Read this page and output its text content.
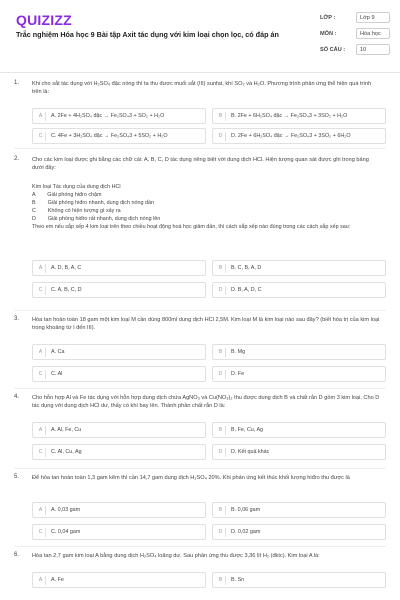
QUIZIZZ
Trắc nghiệm Hóa học 9 Bài tập Axit tác dụng với kim loại chọn lọc, có đáp án
LỚP :	Lớp 9
MÔN :	Hóa học
SỐ CÂU :	10
1. Khi cho sắt tác dụng với H₂SO₄ đặc nóng thì ta thu được muối sắt (III) sunfat, khí SO₂ và H₂O. Phương trình phản ứng thể hiện quá trình trên là:
A	A. 2Fe + 4H₂SO₄ đặc → Fe₂SO₄3 + SO₂ + H₂O	B	B. 2Fe + 6H₂SO₄ đặc → Fe₂SO₄3 + 3SO₂ + H₂O
C	C. 4Fe + 3H₂SO₄ đặc → Fe₂SO₄3 + 5SO₂ + H₂O	D	D. 2Fe + 6H₂SO₄ đặc → Fe₂SO₄3 + 3SO₂ + 6H₂O
2. Cho các kim loại được ghi bằng các chữ cái: A, B, C, D tác dụng riêng biệt với dung dịch HCl. Hiện tượng quan sát được ghi trong bảng dưới đây:
Kim loại Tác dụng của dung dịch HCl
A        Giải phóng hiđro chậm
B        Giải phóng hiđro nhanh, dung dịch nóng dần
C        Không có hiện tượng gì xảy ra
D        Giải phóng hiđro rất nhanh, dung dịch nóng lên
Theo em nếu sắp xếp 4 kim loại trên theo chiều hoạt động hoá học giảm dần, thì cách sắp xếp nào đúng trong các cách sắp xếp sau:
A	A. D, B, A, C	B	B. C, B, A, D
C	C. A, B, C, D	D	D. B, A, D, C
3. Hòa tan hoàn toàn 18 gam một kim loại M cần dùng 800ml dung dịch HCl 2,5M. Kim loại M là kim loại nào sau đây? (biết hóa trị của kim loại trong khoảng từ I đến III).
A	A. Ca	B	B. Mg
C	C. Al	D	D. Fe
4. Cho hỗn hợp Al và Fe tác dụng với hỗn hợp dung dịch chứa AgNO₃ và Cu(NO₃)₂ thu được dung dịch B và chất rắn D gồm 3 kim loại. Cho D tác dụng với dung dịch HCl dư, thấy có khí bay lên. Thành phần chất rắn D là:
A	A. Al, Fe, Cu	B	B. Fe, Cu, Ag
C	C. Al, Cu, Ag	D	D. Kết quả khác
5. Để hòa tan hoàn toàn 1,3 gam kẽm thì cần 14,7 gam dung dịch H₂SO₄ 20%. Khi phản ứng kết thúc khối lượng hiđro thu được là
A	A. 0,03 gam	B	B. 0,06 gam
C	C. 0,04 gam	D	D. 0,02 gam
6. Hòa tan 2,7 gam kim loại A bằng dung dịch H₂SO₄ loãng dư. Sau phản ứng thu được 3,36 lít H₂ (đktc). Kim loại A là:
A	A. Fe	B	B. Sn
